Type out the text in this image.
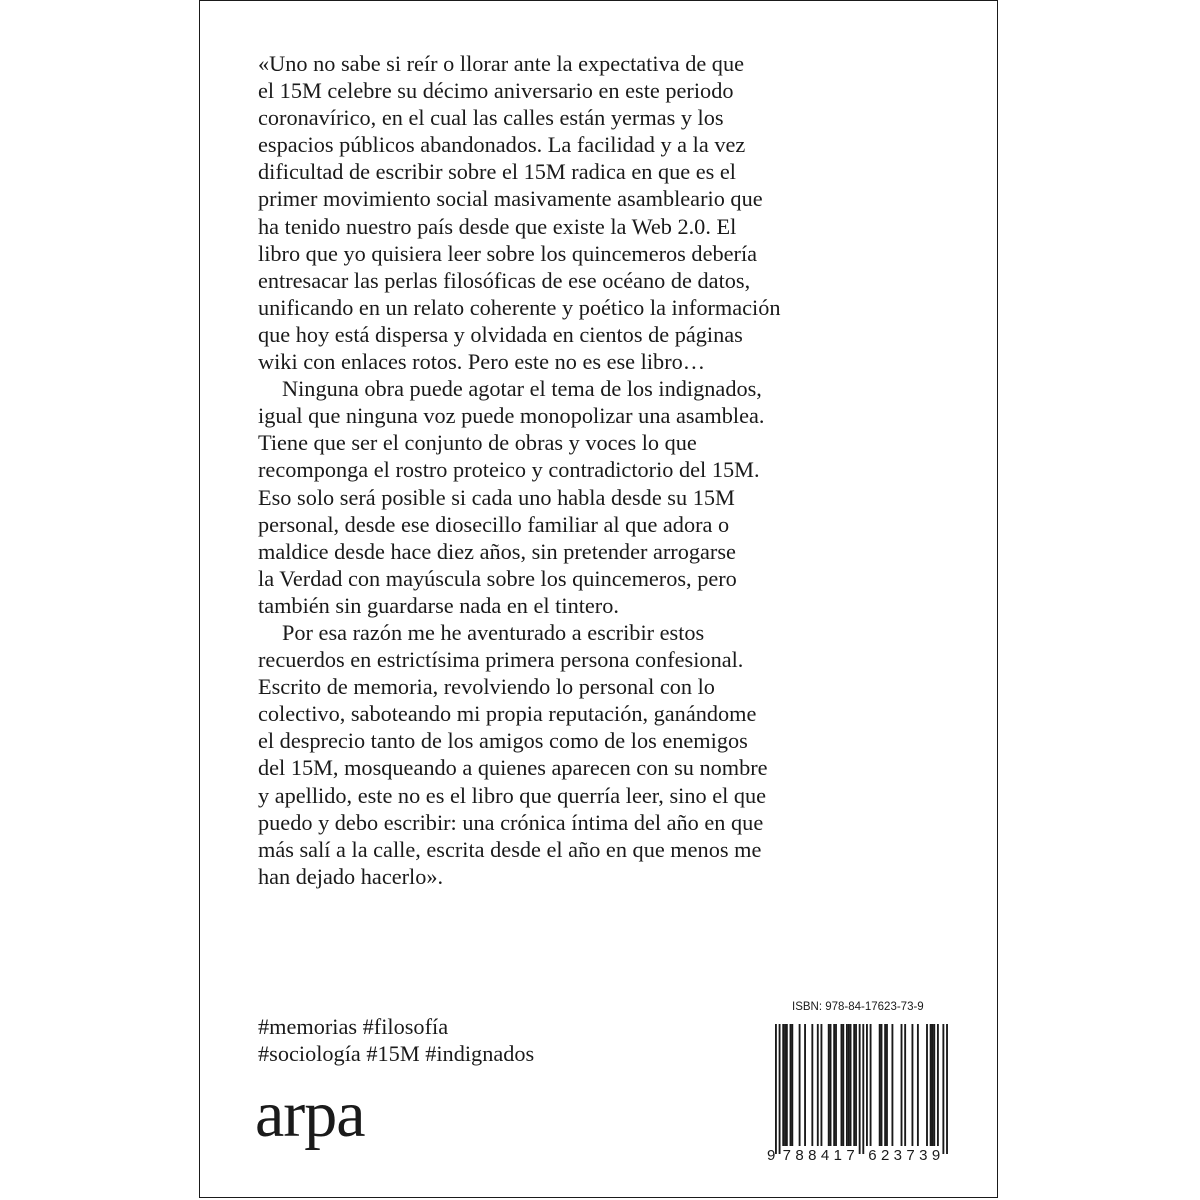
«Uno no sabe si reír o llorar ante la expectativa de que
el 15M celebre su décimo aniversario en este periodo
coronavírico, en el cual las calles están yermas y los
espacios públicos abandonados. La facilidad y a la vez
dificultad de escribir sobre el 15M radica en que es el
primer movimiento social masivamente asambleario que
ha tenido nuestro país desde que existe la Web 2.0. El
libro que yo quisiera leer sobre los quincemeros debería
entresacar las perlas filosóficas de ese océano de datos,
unificando en un relato coherente y poético la información
que hoy está dispersa y olvidada en cientos de páginas
wiki con enlaces rotos. Pero este no es ese libro…
Ninguna obra puede agotar el tema de los indignados,
igual que ninguna voz puede monopolizar una asamblea.
Tiene que ser el conjunto de obras y voces lo que
recomponga el rostro proteico y contradictorio del 15M.
Eso solo será posible si cada uno habla desde su 15M
personal, desde ese diosecillo familiar al que adora o
maldice desde hace diez años, sin pretender arrogarse
la Verdad con mayúscula sobre los quincemeros, pero
también sin guardarse nada en el tintero.
Por esa razón me he aventurado a escribir estos
recuerdos en estrictísima primera persona confesional.
Escrito de memoria, revolviendo lo personal con lo
colectivo, saboteando mi propia reputación, ganándome
el desprecio tanto de los amigos como de los enemigos
del 15M, mosqueando a quienes aparecen con su nombre
y apellido, este no es el libro que querría leer, sino el que
puedo y debo escribir: una crónica íntima del año en que
más salí a la calle, escrita desde el año en que menos me
han dejado hacerlo».
#memorias #filosofía
#sociología #15M #indignados
arpa
ISBN: 978-84-17623-73-9
9 7 8 8 4 1 7 6 2 3 7 3 9
